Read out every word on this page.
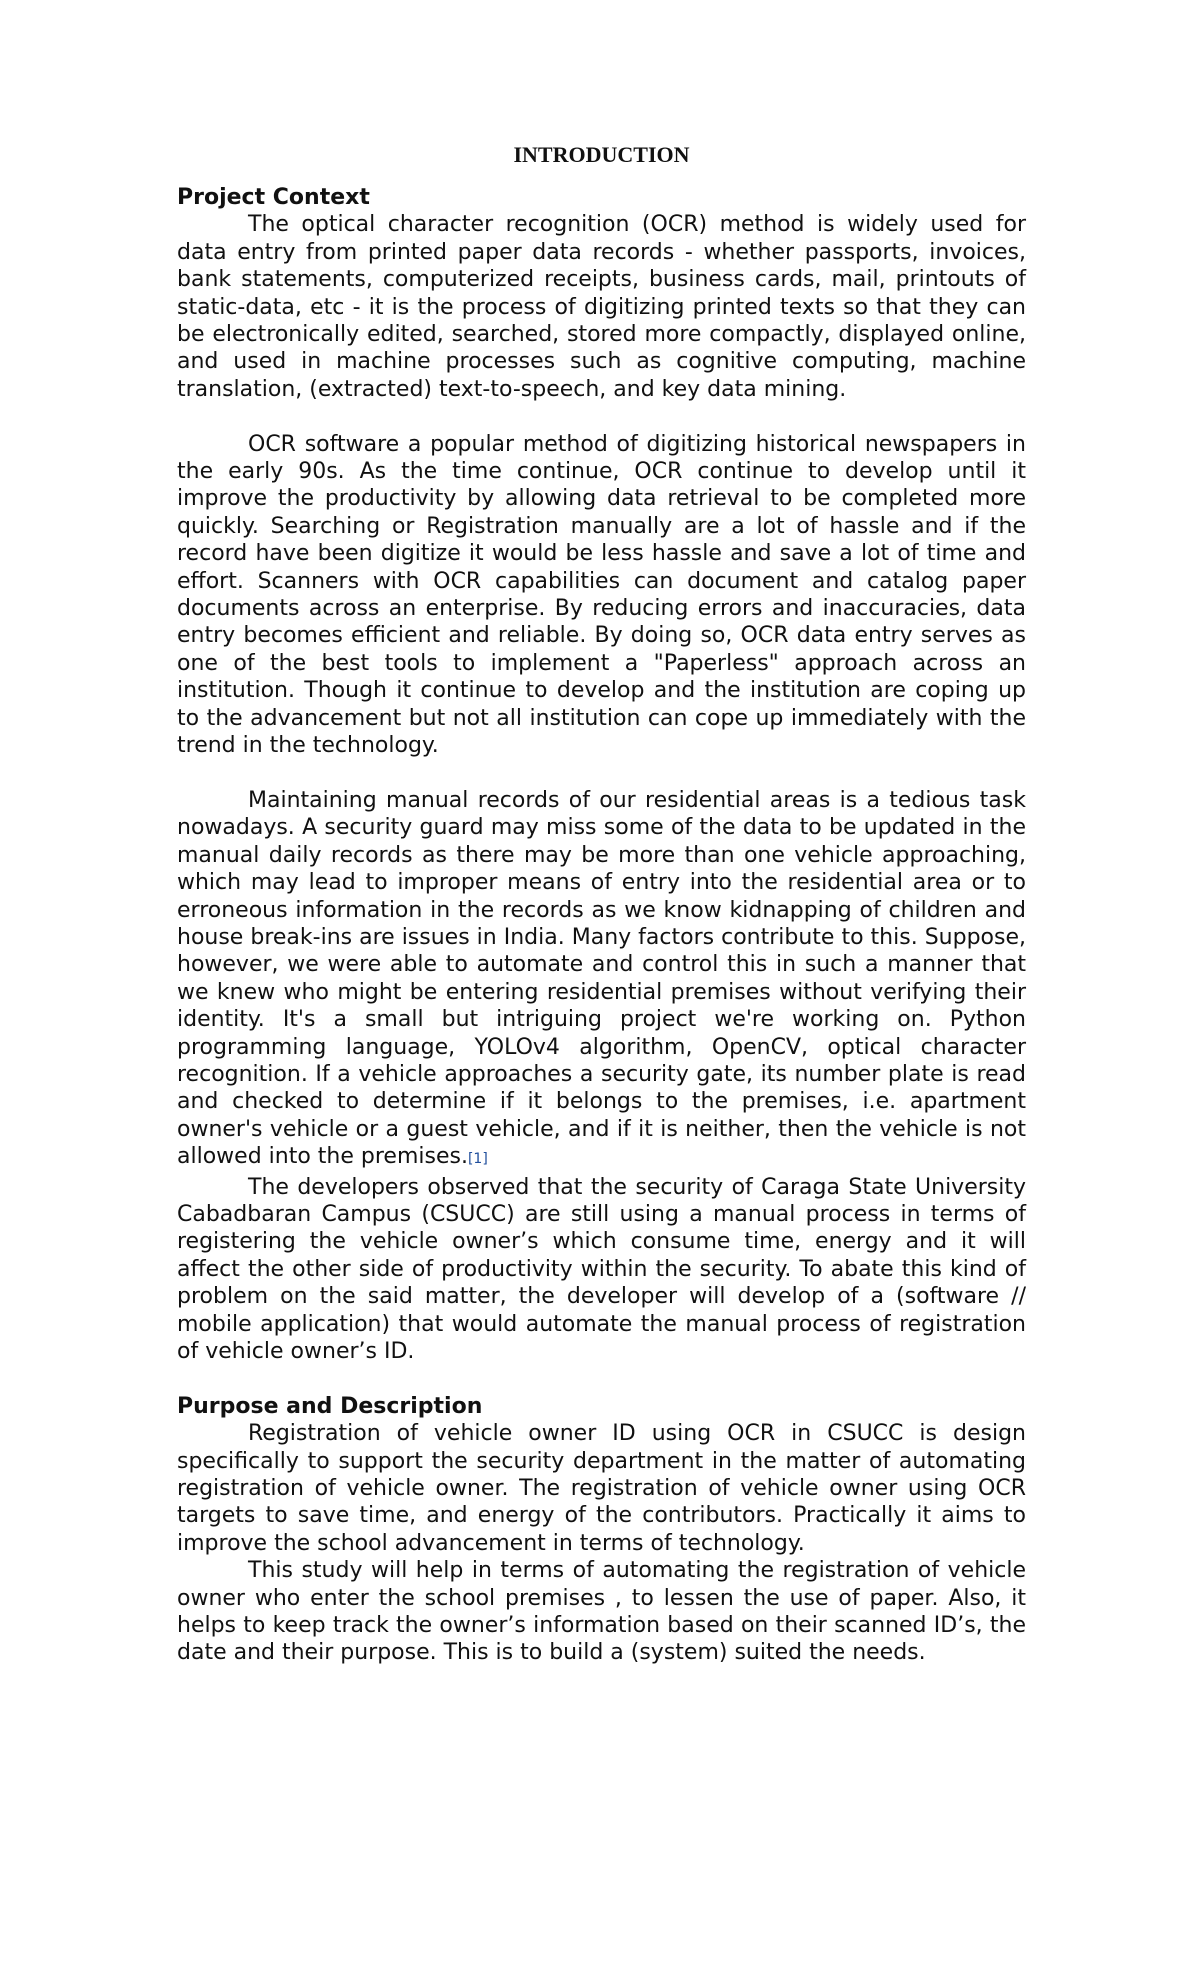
INTRODUCTION
Project Context

The optical character recognition (OCR) method is widely used for data entry from printed paper data records - whether passports, invoices, bank statements, computerized receipts, business cards, mail, printouts of static-data, etc - it is the process of digitizing printed texts so that they can be electronically edited, searched, stored more compactly, displayed online, and used in machine processes such as cognitive computing, machine translation, (extracted) text-to-speech, and key data mining.

OCR software a popular method of digitizing historical newspapers in the early 90s. As the time continue, OCR continue to develop until it improve the productivity by allowing data retrieval to be completed more quickly. Searching or Registration manually are a lot of hassle and if the record have been digitize it would be less hassle and save a lot of time and effort. Scanners with OCR capabilities can document and catalog paper documents across an enterprise. By reducing errors and inaccuracies, data entry becomes efficient and reliable. By doing so, OCR data entry serves as one of the best tools to implement a "Paperless" approach across an institution. Though it continue to develop and the institution are coping up to the advancement but not all institution can cope up immediately with the trend in the technology.

Maintaining manual records of our residential areas is a tedious task nowadays. A security guard may miss some of the data to be updated in the manual daily records as there may be more than one vehicle approaching, which may lead to improper means of entry into the residential area or to erroneous information in the records as we know kidnapping of children and house break-ins are issues in India. Many factors contribute to this. Suppose, however, we were able to automate and control this in such a manner that we knew who might be entering residential premises without verifying their identity. It's a small but intriguing project we're working on. Python programming language, YOLOv4 algorithm, OpenCV, optical character recognition. If a vehicle approaches a security gate, its number plate is read and checked to determine if it belongs to the premises, i.e. apartment owner's vehicle or a guest vehicle, and if it is neither, then the vehicle is not allowed into the premises.[1]

The developers observed that the security of Caraga State University Cabadbaran Campus (CSUCC) are still using a manual process in terms of registering the vehicle owner’s which consume time, energy and it will affect the other side of productivity within the security. To abate this kind of problem on the said matter, the developer will develop of a (software // mobile application) that would automate the manual process of registration of vehicle owner’s ID.

Purpose and Description

Registration of vehicle owner ID using OCR in CSUCC is design specifically to support the security department in the matter of automating registration of vehicle owner. The registration of vehicle owner using OCR targets to save time, and energy of the contributors. Practically it aims to improve the school advancement in terms of technology.

This study will help in terms of automating the registration of vehicle owner who enter the school premises , to lessen the use of paper. Also, it helps to keep track the owner’s information based on their scanned ID’s, the date and their purpose. This is to build a (system) suited the needs.
